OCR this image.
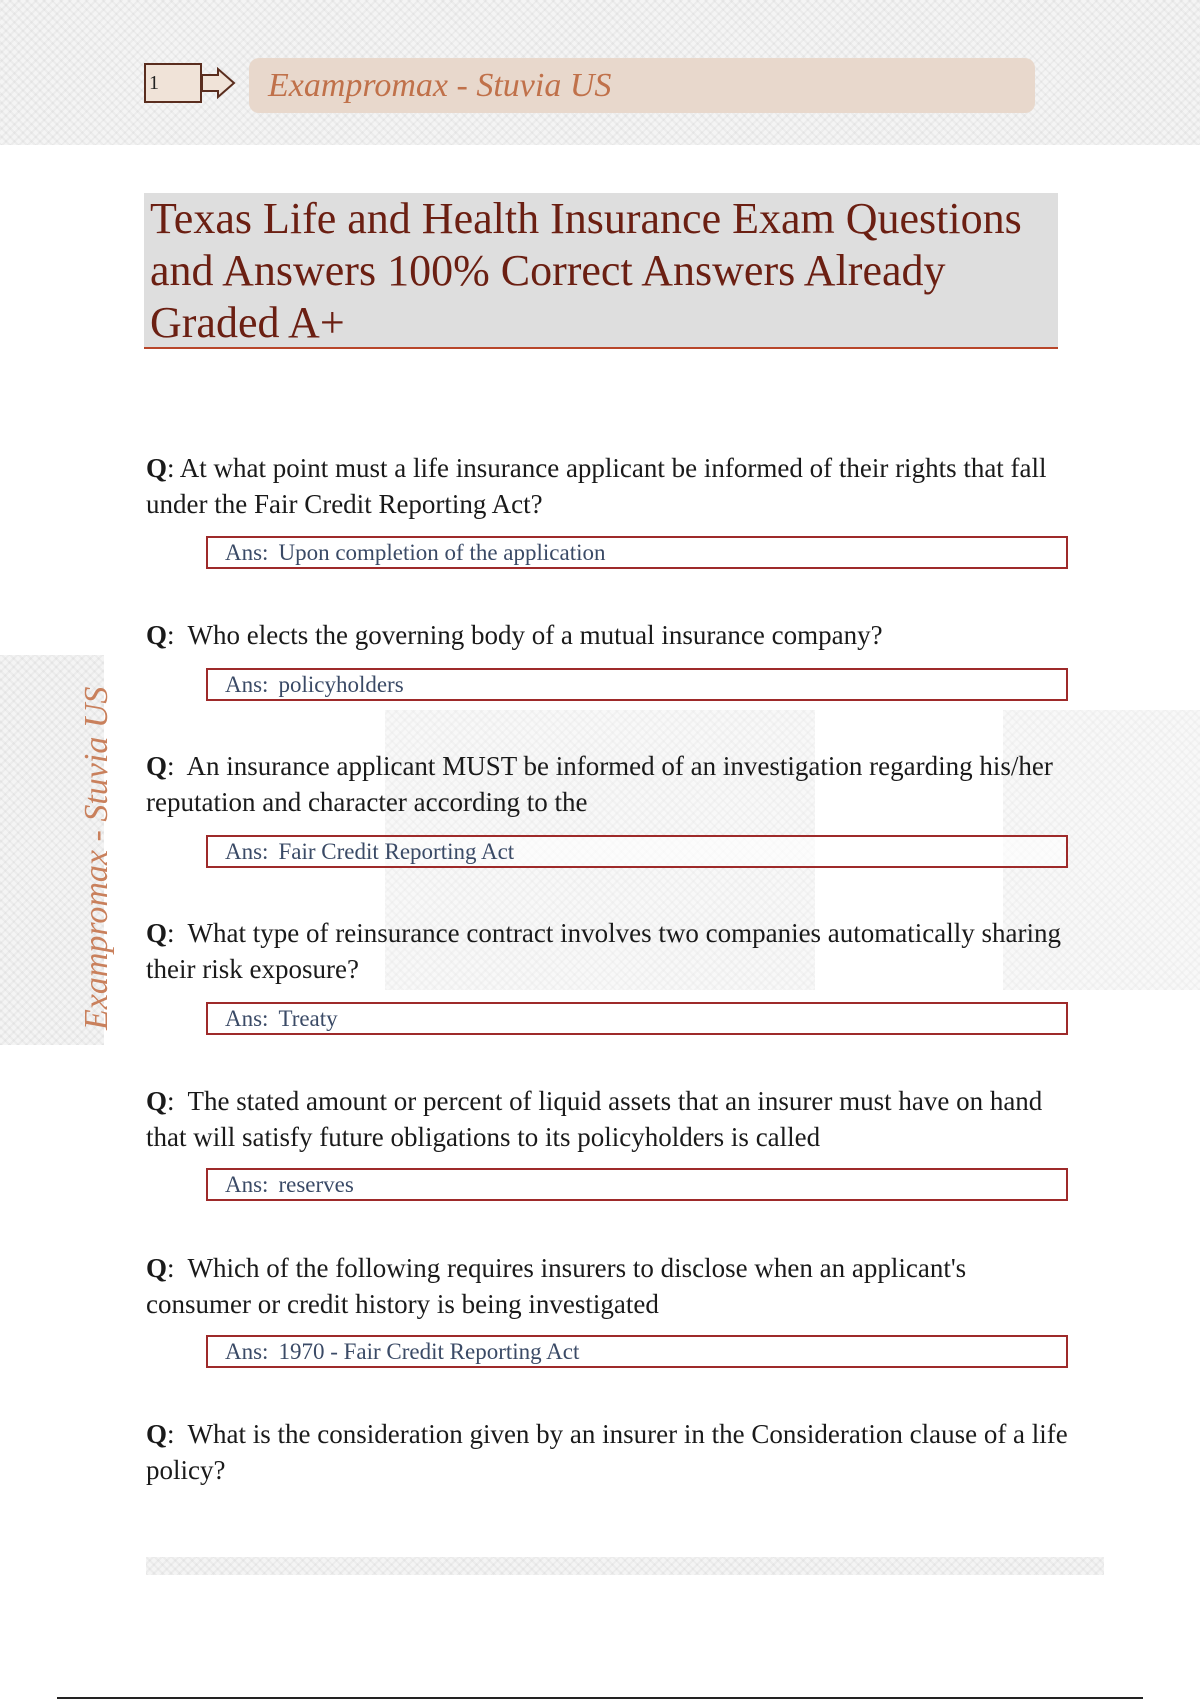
1	Exampromax - Stuvia US
Texas Life and Health Insurance Exam Questions and Answers 100% Correct Answers Already Graded A+
Exampromax - Stuvia US

Q: At what point must a life insurance applicant be informed of their rights that fall under the Fair Credit Reporting Act?

Ans: Upon completion of the application

Q:  Who elects the governing body of a mutual insurance company?

Ans: policyholders

Q:  An insurance applicant MUST be informed of an investigation regarding his/her reputation and character according to the

Ans: Fair Credit Reporting Act

Q:  What type of reinsurance contract involves two companies automatically sharing their risk exposure?

Ans: Treaty

Q:  The stated amount or percent of liquid assets that an insurer must have on hand that will satisfy future obligations to its policyholders is called

Ans: reserves

Q:  Which of the following requires insurers to disclose when an applicant's consumer or credit history is being investigated

Ans: 1970 - Fair Credit Reporting Act

Q:  What is the consideration given by an insurer in the Consideration clause of a life policy?
